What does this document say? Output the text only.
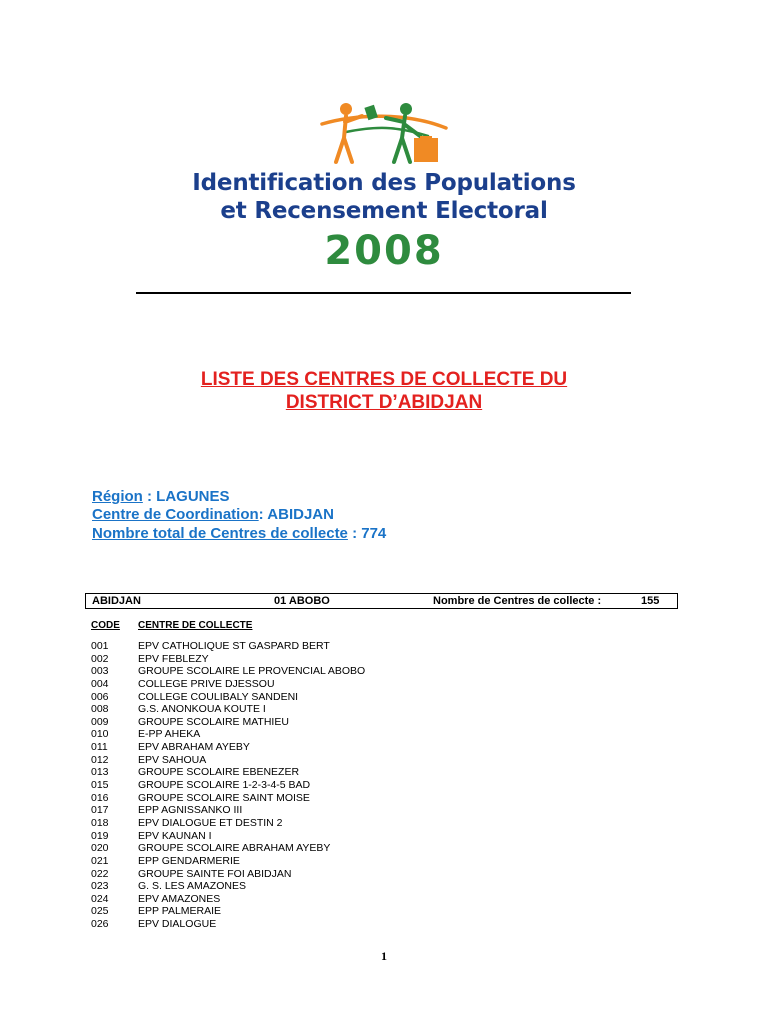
Identification des Populations
et Recensement Electoral
2008
LISTE DES CENTRES DE COLLECTE DU
DISTRICT D’ABIDJAN
Région : LAGUNES
Centre de Coordination: ABIDJAN
Nombre total de Centres de collecte : 774
ABIDJAN	01 ABOBO	Nombre de Centres de collecte :	155
CODE CENTRE DE COLLECTE
001	EPV CATHOLIQUE ST GASPARD BERT
002	EPV FEBLEZY
003	GROUPE SCOLAIRE LE PROVENCIAL ABOBO
004	COLLEGE PRIVE DJESSOU
006	COLLEGE COULIBALY SANDENI
008	G.S. ANONKOUA KOUTE I
009	GROUPE SCOLAIRE MATHIEU
010	E-PP AHEKA
011	EPV ABRAHAM AYEBY
012	EPV SAHOUA
013	GROUPE SCOLAIRE EBENEZER
015	GROUPE SCOLAIRE 1-2-3-4-5 BAD
016	GROUPE SCOLAIRE SAINT MOISE
017	EPP AGNISSANKO III
018	EPV DIALOGUE ET DESTIN 2
019	EPV KAUNAN I
020	GROUPE SCOLAIRE ABRAHAM AYEBY
021	EPP GENDARMERIE
022	GROUPE SAINTE FOI ABIDJAN
023	G. S. LES AMAZONES
024	EPV AMAZONES
025	EPP PALMERAIE
026	EPV DIALOGUE
1
